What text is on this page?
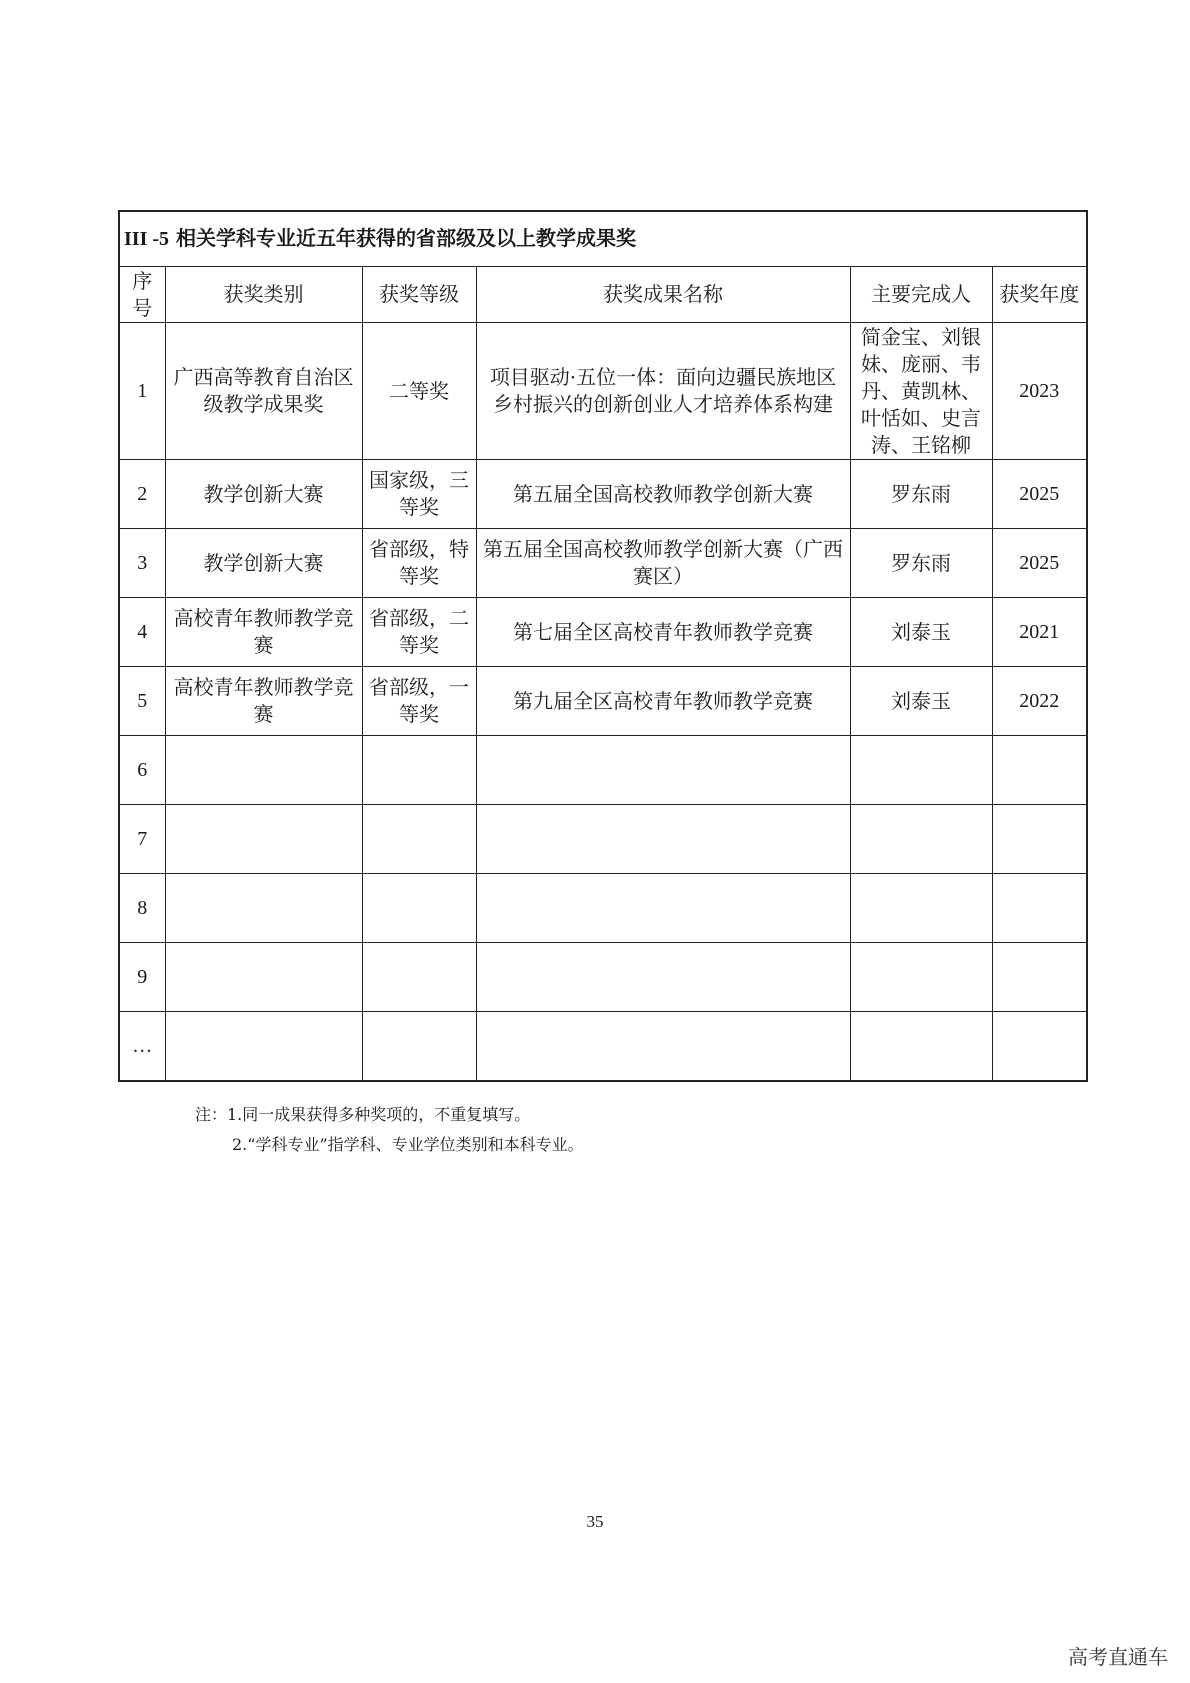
III -5 相关学科专业近五年获得的省部级及以上教学成果奖					
序号	获奖类别	获奖等级	获奖成果名称	主要完成人	获奖年度
1	广西高等教育自治区级教学成果奖	二等奖	项目驱动·五位一体：面向边疆民族地区乡村振兴的创新创业人才培养体系构建	简金宝、刘银妹、庞丽、韦丹、黄凯林、叶恬如、史言涛、王铭柳	2023
2	教学创新大赛	国家级，三等奖	第五届全国高校教师教学创新大赛	罗东雨	2025
3	教学创新大赛	省部级，特等奖	第五届全国高校教师教学创新大赛（广西赛区）	罗东雨	2025
4	高校青年教师教学竞赛	省部级，二等奖	第七届全区高校青年教师教学竞赛	刘泰玉	2021
5	高校青年教师教学竞赛	省部级，一等奖	第九届全区高校青年教师教学竞赛	刘泰玉	2022
6					
7					
8					
9					
…					
注：1.同一成果获得多种奖项的，不重复填写。
2.“学科专业”指学科、专业学位类别和本科专业。
35
高考直通车
